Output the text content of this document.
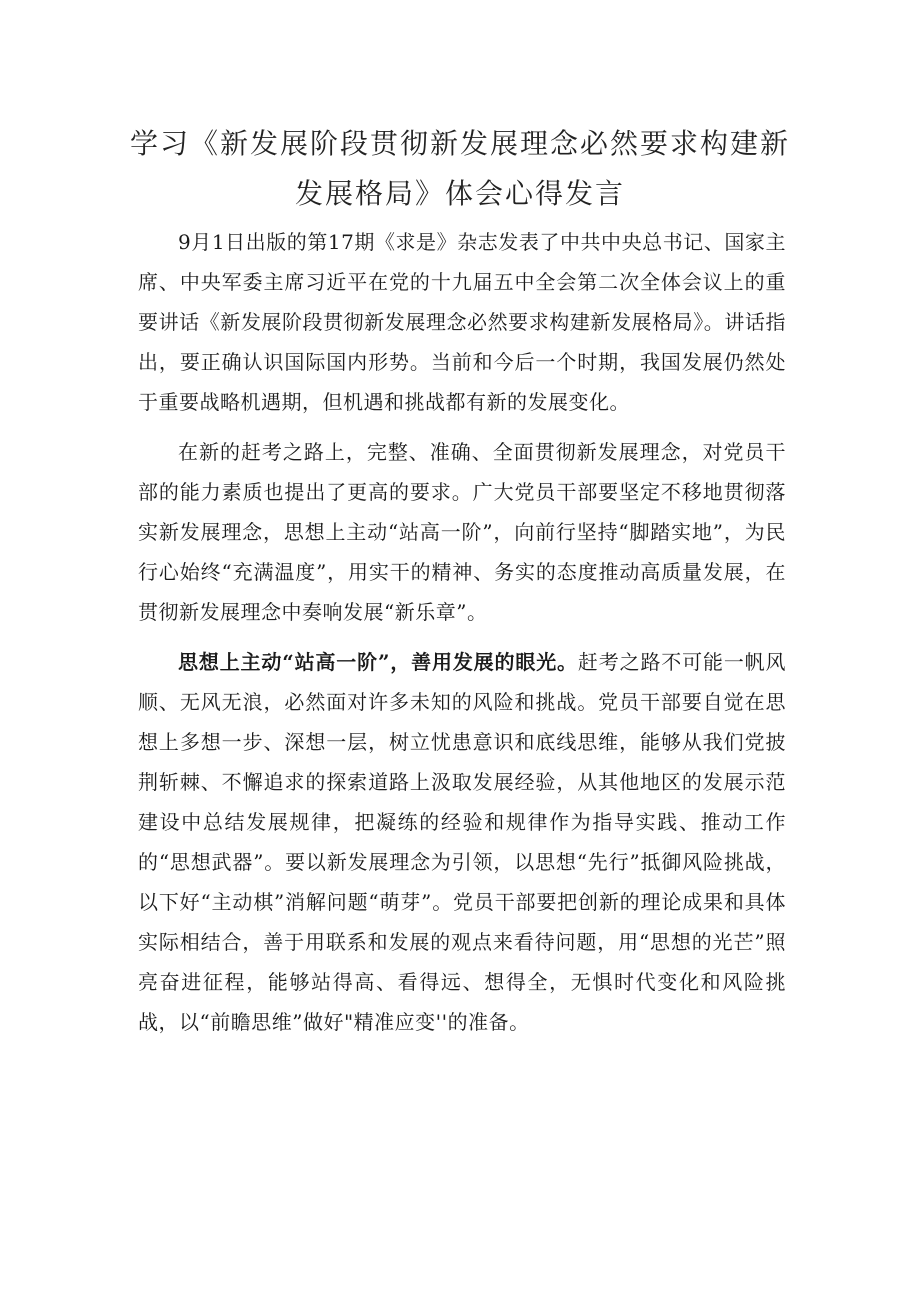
学习《新发展阶段贯彻新发展理念必然要求构建新
发展格局》体会心得发言

9月1日出版的第17期《求是》杂志发表了中共中央总书记、国家主席、中央军委主席习近平在党的十九届五中全会第二次全体会议上的重要讲话《新发展阶段贯彻新发展理念必然要求构建新发展格局》。讲话指出，要正确认识国际国内形势。当前和今后一个时期，我国发展仍然处于重要战略机遇期，但机遇和挑战都有新的发展变化。

在新的赶考之路上，完整、准确、全面贯彻新发展理念，对党员干部的能力素质也提出了更高的要求。广大党员干部要坚定不移地贯彻落实新发展理念，思想上主动“站高一阶”，向前行坚持“脚踏实地”，为民行心始终“充满温度”，用实干的精神、务实的态度推动高质量发展，在贯彻新发展理念中奏响发展“新乐章”。

思想上主动“站高一阶”，善用发展的眼光。赶考之路不可能一帆风顺、无风无浪，必然面对许多未知的风险和挑战。党员干部要自觉在思想上多想一步、深想一层，树立忧患意识和底线思维，能够从我们党披荆斩棘、不懈追求的探索道路上汲取发展经验，从其他地区的发展示范建设中总结发展规律，把凝练的经验和规律作为指导实践、推动工作的“思想武器”。要以新发展理念为引领，以思想“先行”抵御风险挑战，以下好“主动棋”消解问题“萌芽”。党员干部要把创新的理论成果和具体实际相结合，善于用联系和发展的观点来看待问题，用“思想的光芒”照亮奋进征程，能够站得高、看得远、想得全，无惧时代变化和风险挑战，以“前瞻思维”做好"精准应变''的准备。
